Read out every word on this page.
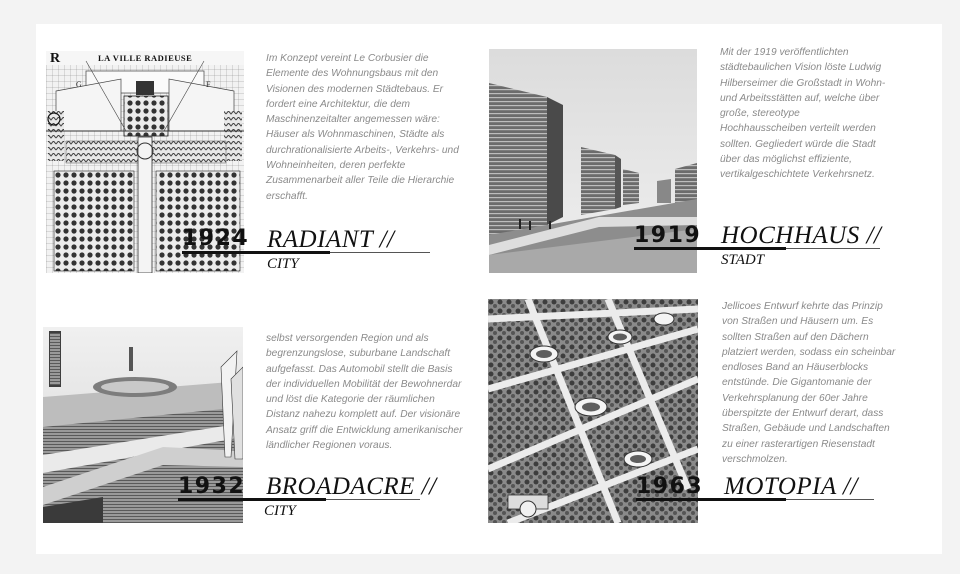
G	F
R	LA VILLE RADIEUSE	Im Konzept vereint Le Corbusier die Elemente des Wohnungsbaus mit den Visionen des modernen Städtebaus. Er fordert eine Architektur, die dem Maschinenzeitalter angemessen wäre: Häuser als Wohnmaschinen, Städte als durchrationalisierte Arbeits-, Verkehrs- und Wohneinheiten, deren perfekte Zusammenarbeit aller Teile die Hierarchie erschafft.
1924 RADIANT //
CITY
Mit der 1919 veröffentlichten städtebaulichen Vision löste Ludwig Hilberseimer die Großstadt in Wohn- und Arbeitsstätten auf, welche über große, stereotype Hochhausscheiben verteilt werden sollten. Gegliedert würde die Stadt über das möglichst effiziente, vertikalgeschichtete Verkehrsnetz.
1919 HOCHHAUS //
STADT
selbst versorgenden Region und als begrenzungslose, suburbane Landschaft aufgefasst. Das Automobil stellt die Basis der individuellen Mobilität der Bewohnerdar und löst die Kategorie der räumlichen Distanz nahezu komplett auf. Der visionäre Ansatz griff die Entwicklung amerikanischer ländlicher Regionen voraus.
1932 BROADACRE //
CITY
Jellicoes Entwurf kehrte das Prinzip von Straßen und Häusern um. Es sollten Straßen auf den Dächern platziert werden, sodass ein scheinbar endloses Band an Häuserblocks entstünde. Die Gigantomanie der Verkehrsplanung der 60er Jahre überspitzte der Entwurf derart, dass Straßen, Gebäude und Landschaften zu einer rasterartigen Riesenstadt verschmolzen.
1963 MOTOPIA //
